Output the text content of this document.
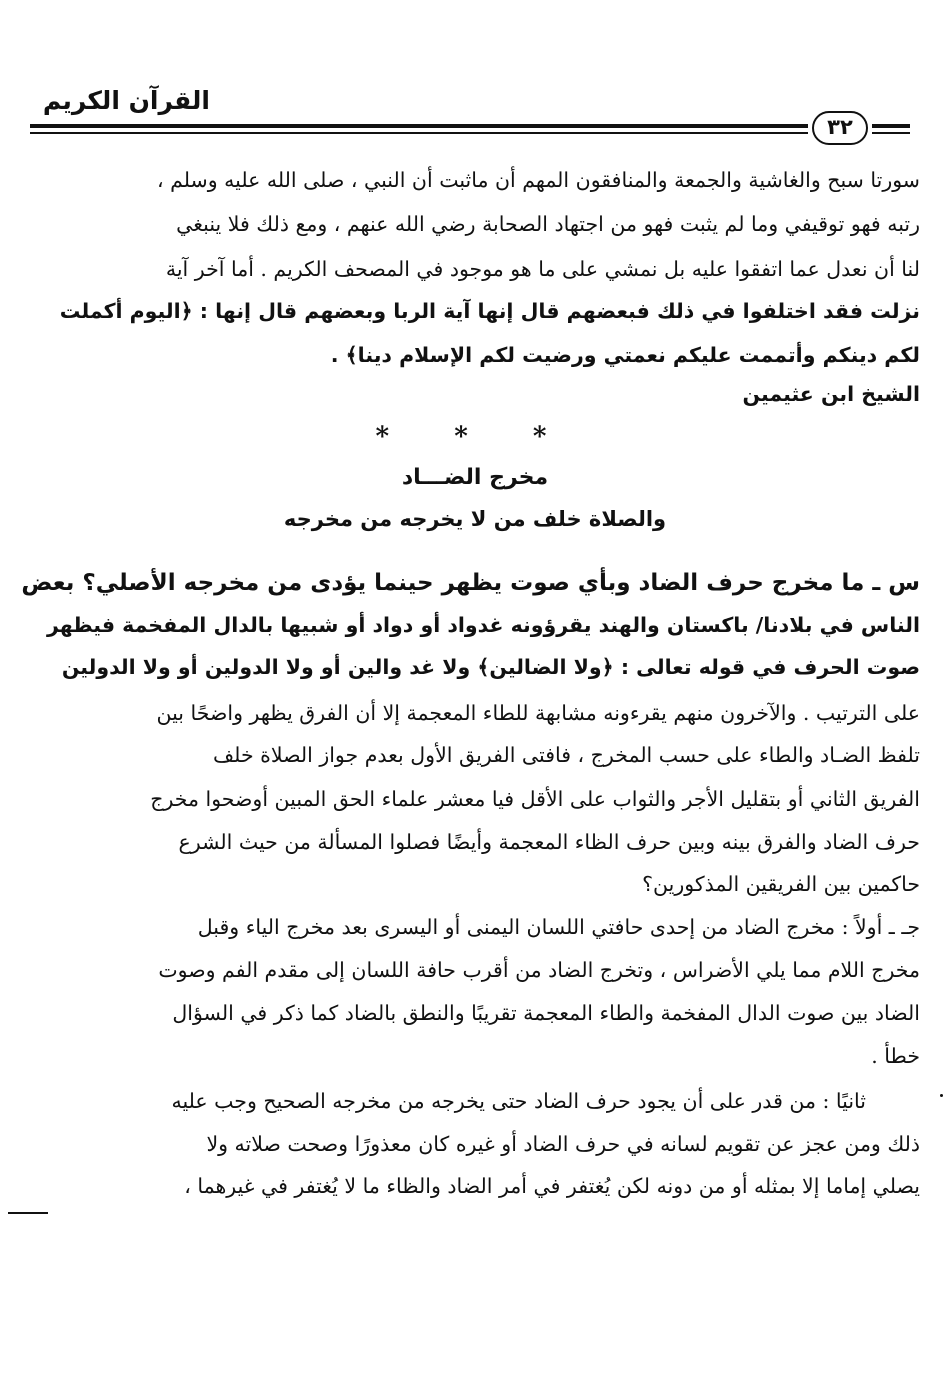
القرآن الكريم
٣٢
سورتا سبح والغاشية والجمعة والمنافقون المهم أن ماثبت أن النبي ، صلى الله عليه وسلم ،
رتبه فهو توقيفي وما لم يثبت فهو من اجتهاد الصحابة رضي الله عنهم ، ومع ذلك فلا ينبغي
لنا أن نعدل عما اتفقوا عليه بل نمشي على ما هو موجود في المصحف الكريم . أما آخر آية
نزلت فقد اختلفوا في ذلك فبعضهم قال إنها آية الربا وبعضهم قال إنها : ﴿اليوم أكملت
لكم دينكم وأتممت عليكم نعمتي ورضيت لكم الإسلام دينا﴾ .
الشيخ ابن عثيمين
* * *
مخرج الضـــاد
والصلاة خلف من لا يخرجه من مخرجه
س ـ ما مخرج حرف الضاد وبأي صوت يظهر حينما يؤدى من مخرجه الأصلي؟ بعض
الناس في بلادنا/ باكستان والهند يقرؤونه غدواد أو دواد أو شبيها بالدال المفخمة فيظهر
صوت الحرف في قوله تعالى : ﴿ولا الضالين﴾ ولا غد والين أو ولا الدولين أو ولا الدولين
على الترتيب . والآخرون منهم يقرءونه مشابهة للطاء المعجمة إلا أن الفرق يظهر واضحًا بين
تلفظ الضـاد والطاء على حسب المخرج ، فافتى الفريق الأول بعدم جواز الصلاة خلف
الفريق الثاني أو بتقليل الأجر والثواب على الأقل فيا معشر علماء الحق المبين أوضحوا مخرج
حرف الضاد والفرق بينه وبين حرف الظاء المعجمة وأيضًا فصلوا المسألة من حيث الشرع
حاكمين بين الفريقين المذكورين؟
جـ ـ أولاً : مخرج الضاد من إحدى حافتي اللسان اليمنى أو اليسرى بعد مخرج الياء وقبل
مخرج اللام مما يلي الأضراس ، وتخرج الضاد من أقرب حافة اللسان إلى مقدم الفم وصوت
الضاد بين صوت الدال المفخمة والطاء المعجمة تقريبًا والنطق بالضاد كما ذكر في السؤال
خطأ .
ثانيًا : من قدر على أن يجود حرف الضاد حتى يخرجه من مخرجه الصحيح وجب عليه
ذلك ومن عجز عن تقويم لسانه في حرف الضاد أو غيره كان معذورًا وصحت صلاته ولا
يصلي إماما إلا بمثله أو من دونه لكن يُغتفر في أمر الضاد والظاء ما لا يُغتفر في غيرهما ،
